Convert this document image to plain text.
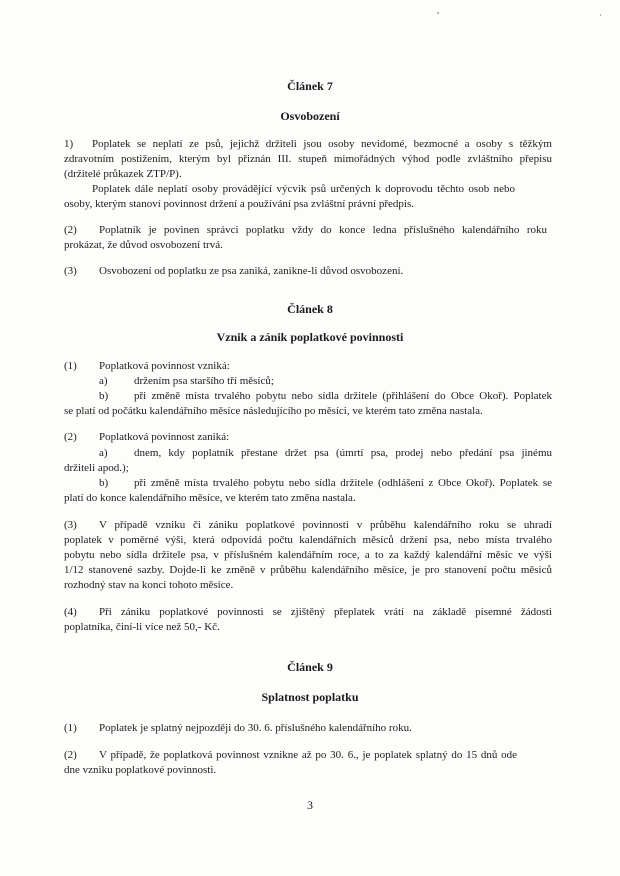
Článek 7
Osvobození
1) Poplatek se neplatí ze psů, jejichž držiteli jsou osoby nevidomé, bezmocné a osoby s těžkým
zdravotním postižením, kterým byl přiznán III. stupeň mimořádných výhod podle zvláštního přepisu
(držitelé průkazek ZTP/P).
Poplatek dále neplatí osoby provádějící výcvik psů určených k doprovodu těchto osob nebo
osoby, kterým stanoví povinnost držení a používání psa zvláštní právní předpis.
(2) Poplatník je povinen správci poplatku vždy do konce ledna příslušného kalendářního roku
prokázat, že důvod osvobození trvá.
(3) Osvobození od poplatku ze psa zaniká, zanikne-li důvod osvobození.
Článek 8
Vznik a zánik poplatkové povinnosti
(1) Poplatková povinnost vzniká:
a) držením psa staršího tří měsíců;
b) při změně místa trvalého pobytu nebo sídla držitele (přihlášení do Obce Okoř). Poplatek
se platí od počátku kalendářního měsíce následujícího po měsíci, ve kterém tato změna nastala.
(2) Poplatková povinnost zaniká:
a) dnem, kdy poplatník přestane držet psa (úmrtí psa, prodej nebo předání psa jinému
držiteli apod.);
b) při změně místa trvalého pobytu nebo sídla držitele (odhlášení z Obce Okoř). Poplatek se
platí do konce kalendářního měsíce, ve kterém tato změna nastala.
(3) V případě vzniku či zániku poplatkové povinnosti v průběhu kalendářního roku se uhradí
poplatek v poměrné výši, která odpovídá počtu kalendářních měsíců držení psa, nebo místa trvalého
pobytu nebo sídla držitele psa, v příslušném kalendářním roce, a to za každý kalendářní měsíc ve výši
1/12 stanovené sazby. Dojde-li ke změně v průběhu kalendářního měsíce, je pro stanovení počtu měsíců
rozhodný stav na konci tohoto měsíce.
(4) Při zániku poplatkové povinnosti se zjištěný přeplatek vrátí na základě písemné žádosti
poplatníka, činí-li více než 50,- Kč.
Článek 9
Splatnost poplatku
(1) Poplatek je splatný nejpozději do 30. 6. příslušného kalendářního roku.
(2) V případě, že poplatková povinnost vznikne až po 30. 6., je poplatek splatný do 15 dnů ode
dne vzniku poplatkové povinnosti.
3
